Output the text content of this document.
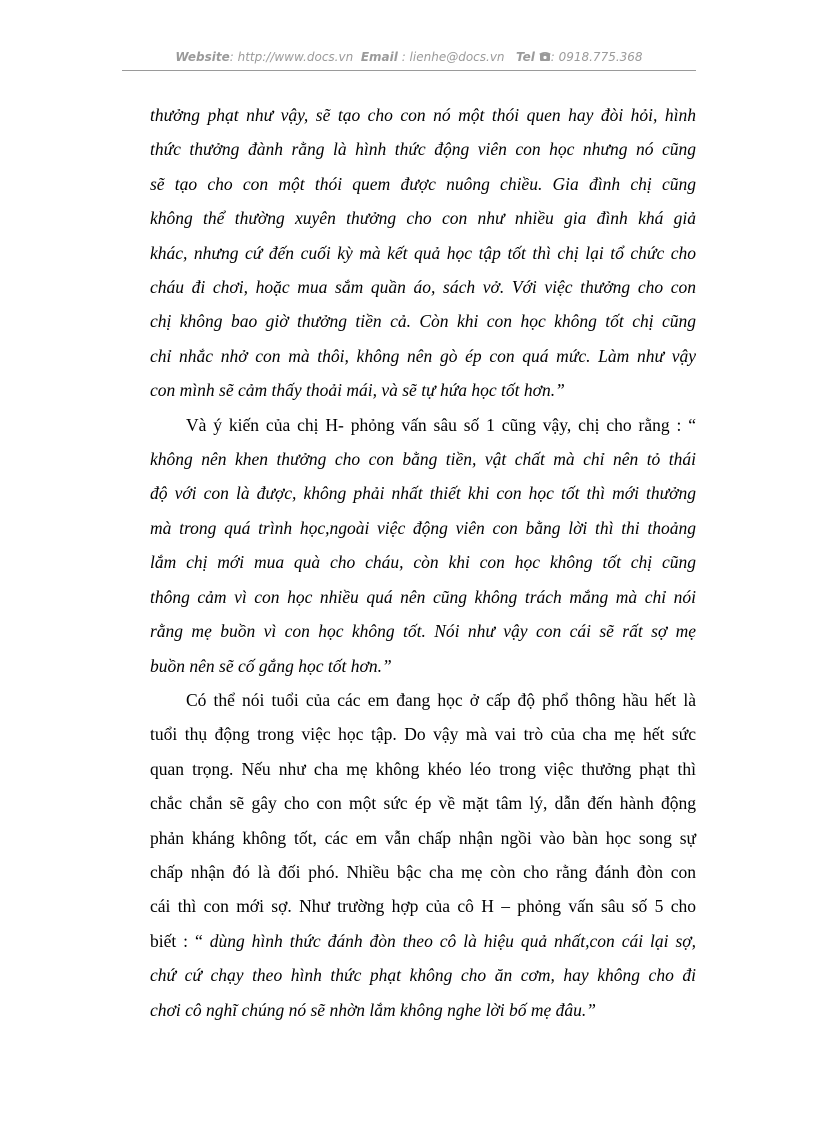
Website: http://www.docs.vn Email : lienhe@docs.vn Tel : 0918.775.368
thưởng phạt như vậy, sẽ tạo cho con nó một thói quen hay đòi hỏi, hình
thức thưởng đành rằng là hình thức động viên con học nhưng nó cũng
sẽ tạo cho con một thói quem được nuông chiều. Gia đình chị cũng
không thể thường xuyên thưởng cho con như nhiều gia đình khá giả
khác, nhưng cứ đến cuối kỳ mà kết quả học tập tốt thì chị lại tổ chức cho
cháu đi chơi, hoặc mua sắm quần áo, sách vở. Với việc thưởng cho con
chị không bao giờ thưởng tiền cả. Còn khi con học không tốt chị cũng
chỉ nhắc nhở con mà thôi, không nên gò ép con quá mức. Làm như vậy
con mình sẽ cảm thấy thoải mái, và sẽ tự hứa học tốt hơn.”
Và ý kiến của chị H- phỏng vấn sâu số 1 cũng vậy, chị cho rằng : “
không nên khen thưởng cho con bằng tiền, vật chất mà chỉ nên tỏ thái
độ với con là được, không phải nhất thiết khi con học tốt thì mới thưởng
mà trong quá trình học,ngoài việc động viên con bằng lời thì thi thoảng
lắm chị mới mua quà cho cháu, còn khi con học không tốt chị cũng
thông cảm vì con học nhiều quá nên cũng không trách mắng mà chỉ nói
rằng mẹ buồn vì con học không tốt. Nói như vậy con cái sẽ rất sợ mẹ
buồn nên sẽ cố gắng học tốt hơn.”
Có thể nói tuổi của các em đang học ở cấp độ phổ thông hầu hết là
tuổi thụ động trong việc học tập. Do vậy mà vai trò của cha mẹ hết sức
quan trọng. Nếu như cha mẹ không khéo léo trong việc thưởng phạt thì
chắc chắn sẽ gây cho con một sức ép về mặt tâm lý, dẫn đến hành động
phản kháng không tốt, các em vẫn chấp nhận ngồi vào bàn học song sự
chấp nhận đó là đối phó. Nhiều bậc cha mẹ còn cho rằng đánh đòn con
cái thì con mới sợ. Như trường hợp của cô H – phỏng vấn sâu số 5 cho
biết : “ dùng hình thức đánh đòn theo cô là hiệu quả nhất,con cái lại sợ,
chứ cứ chạy theo hình thức phạt không cho ăn cơm, hay không cho đi
chơi cô nghĩ chúng nó sẽ nhờn lắm không nghe lời bố mẹ đâu.”
